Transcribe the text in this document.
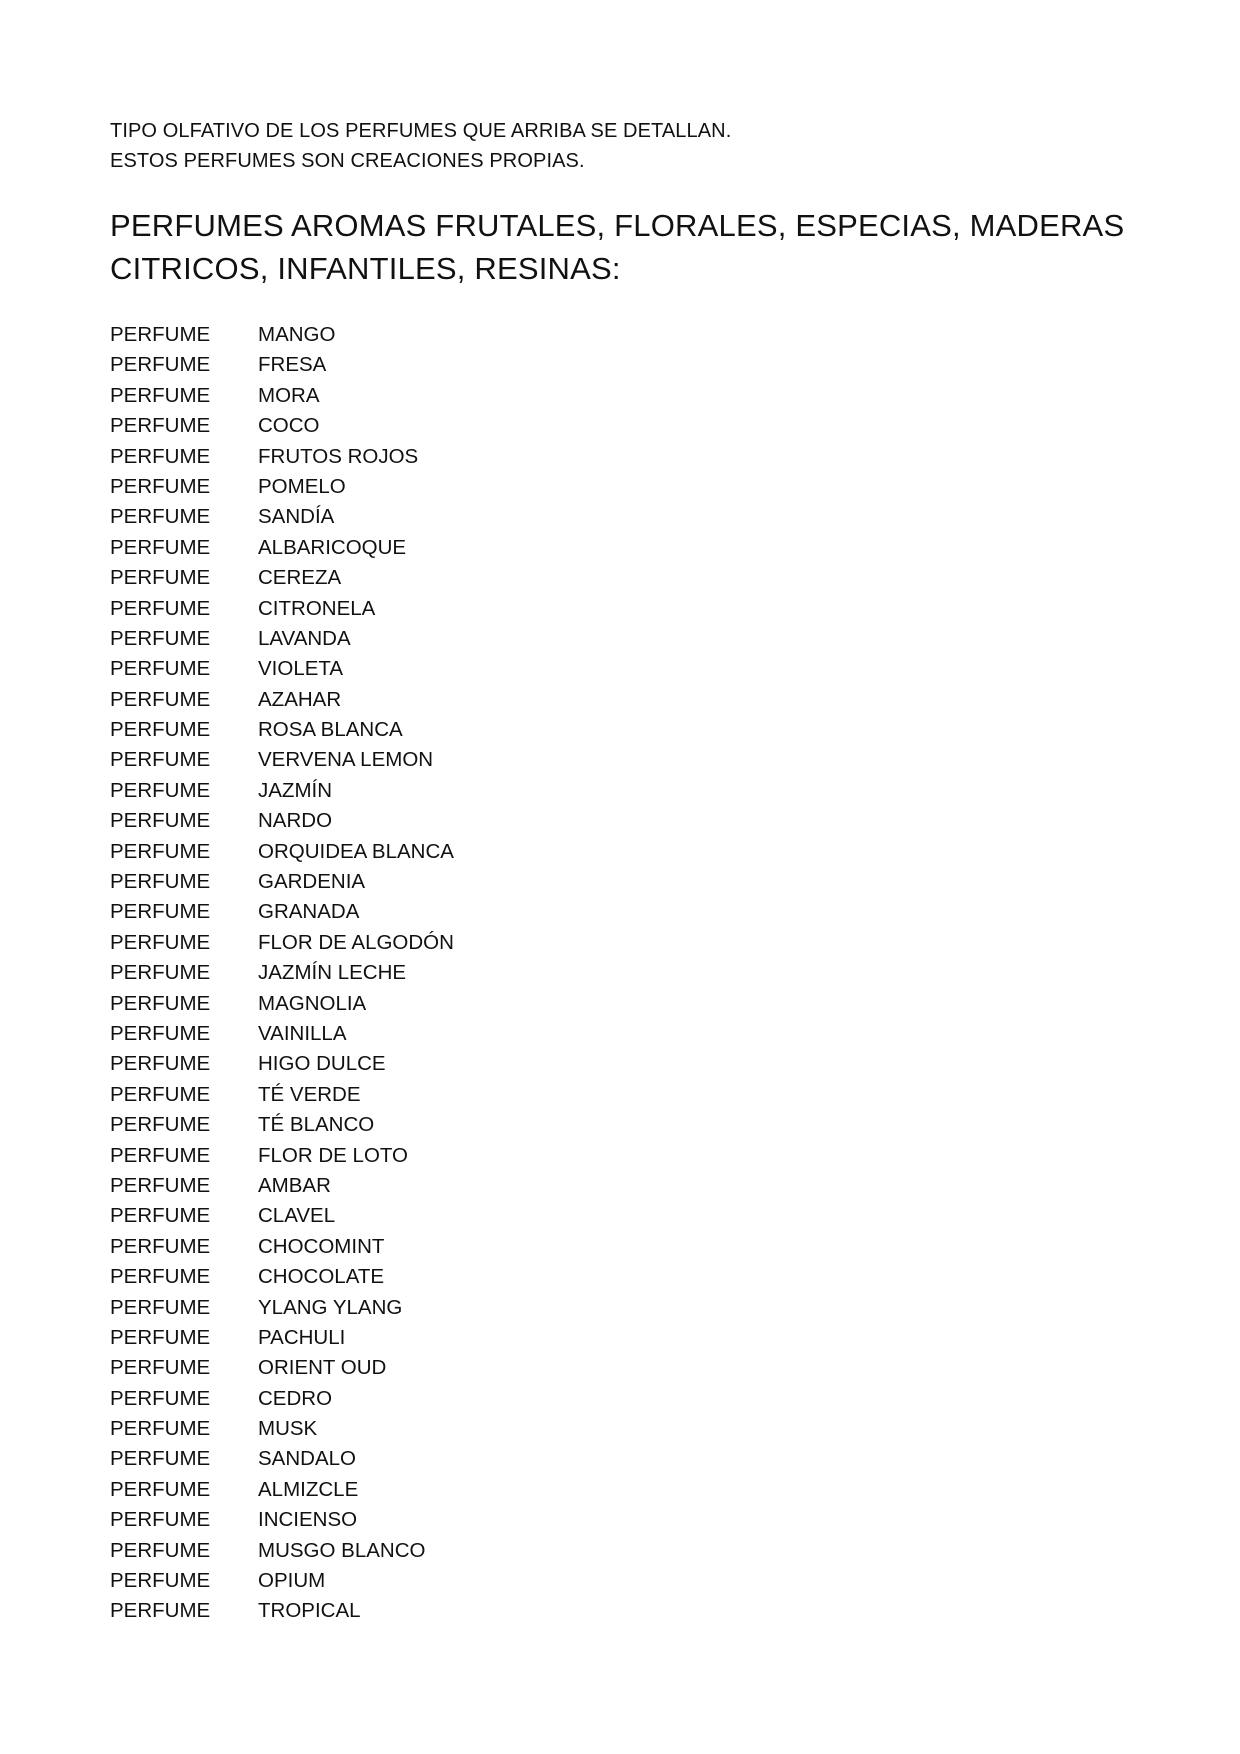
TIPO OLFATIVO DE LOS PERFUMES QUE ARRIBA SE DETALLAN.
ESTOS PERFUMES SON CREACIONES PROPIAS.
PERFUMES AROMAS FRUTALES, FLORALES, ESPECIAS, MADERAS
CITRICOS, INFANTILES, RESINAS:
PERFUME	MANGO
PERFUME	FRESA
PERFUME	MORA
PERFUME	COCO
PERFUME	FRUTOS ROJOS
PERFUME	POMELO
PERFUME	SANDÍA
PERFUME	ALBARICOQUE
PERFUME	CEREZA
PERFUME	CITRONELA
PERFUME	LAVANDA
PERFUME	VIOLETA
PERFUME	AZAHAR
PERFUME	ROSA BLANCA
PERFUME	VERVENA LEMON
PERFUME	JAZMÍN
PERFUME	NARDO
PERFUME	ORQUIDEA BLANCA
PERFUME	GARDENIA
PERFUME	GRANADA
PERFUME	FLOR DE ALGODÓN
PERFUME	JAZMÍN LECHE
PERFUME	MAGNOLIA
PERFUME	VAINILLA
PERFUME	HIGO DULCE
PERFUME	TÉ VERDE
PERFUME	TÉ BLANCO
PERFUME	FLOR DE LOTO
PERFUME	AMBAR
PERFUME	CLAVEL
PERFUME	CHOCOMINT
PERFUME	CHOCOLATE
PERFUME	YLANG YLANG
PERFUME	PACHULI
PERFUME	ORIENT OUD
PERFUME	CEDRO
PERFUME	MUSK
PERFUME	SANDALO
PERFUME	ALMIZCLE
PERFUME	INCIENSO
PERFUME	MUSGO BLANCO
PERFUME	OPIUM
PERFUME	TROPICAL
